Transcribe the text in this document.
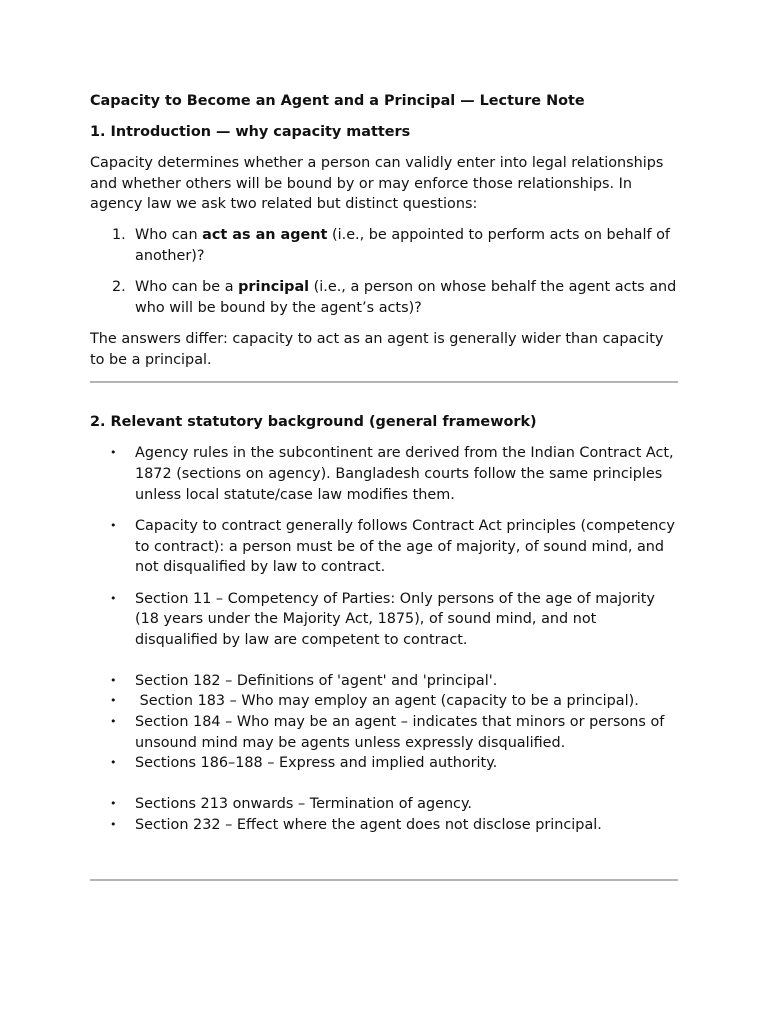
Capacity to Become an Agent and a Principal — Lecture Note
1. Introduction — why capacity matters

Capacity determines whether a person can validly enter into legal relationships and whether others will be bound by or may enforce those relationships. In agency law we ask two related but distinct questions:

1. Who can act as an agent (i.e., be appointed to perform acts on behalf of another)?
2. Who can be a principal (i.e., a person on whose behalf the agent acts and who will be bound by the agent’s acts)?

The answers differ: capacity to act as an agent is generally wider than capacity to be a principal.

2. Relevant statutory background (general framework)
• Agency rules in the subcontinent are derived from the Indian Contract Act, 1872 (sections on agency). Bangladesh courts follow the same principles unless local statute/case law modifies them.
• Capacity to contract generally follows Contract Act principles (competency to contract): a person must be of the age of majority, of sound mind, and not disqualified by law to contract.
• Section 11 – Competency of Parties: Only persons of the age of majority (18 years under the Majority Act, 1875), of sound mind, and not disqualified by law are competent to contract.
• Section 182 – Definitions of 'agent' and 'principal'.
• Section 183 – Who may employ an agent (capacity to be a principal).
• Section 184 – Who may be an agent – indicates that minors or persons of unsound mind may be agents unless expressly disqualified.
• Sections 186–188 – Express and implied authority.
• Sections 213 onwards – Termination of agency.
• Section 232 – Effect where the agent does not disclose principal.
